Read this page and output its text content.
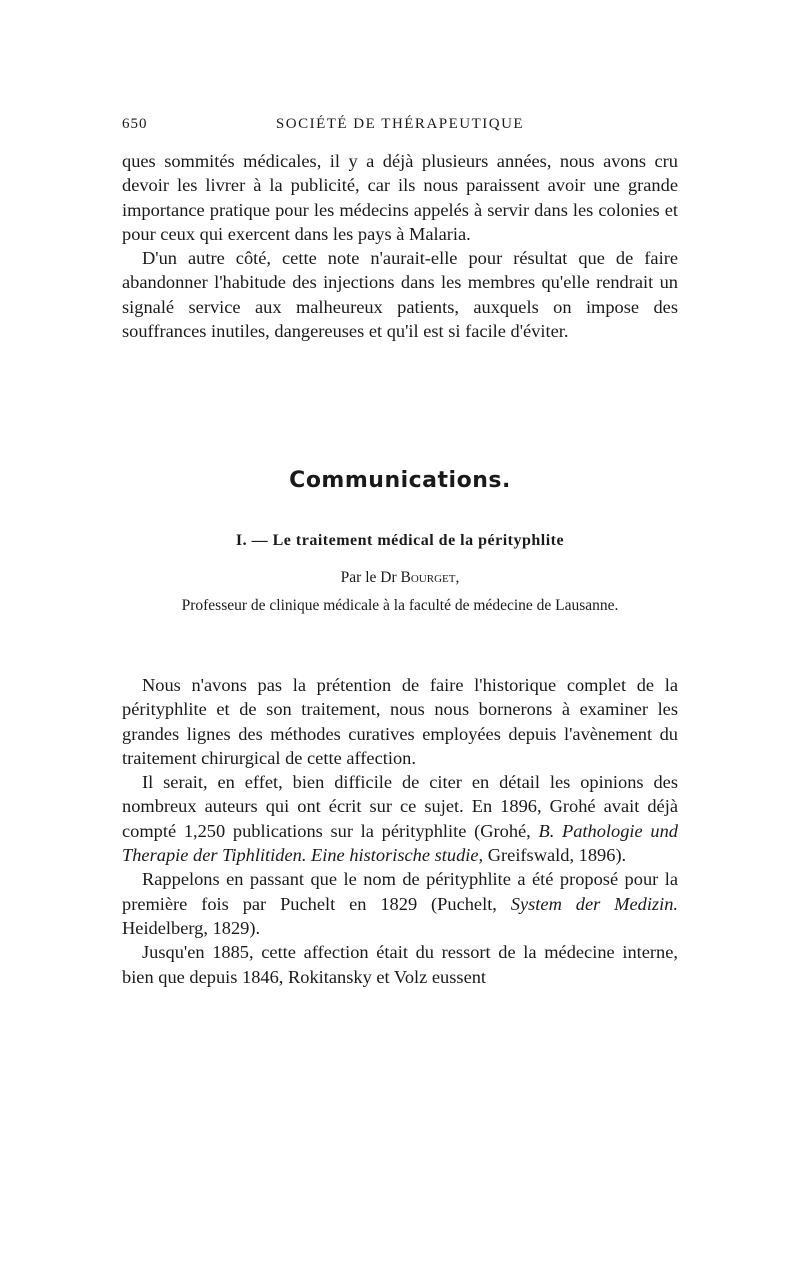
650	SOCIÉTÉ DE THÉRAPEUTIQUE

ques sommités médicales, il y a déjà plusieurs années, nous avons cru devoir les livrer à la publicité, car ils nous paraissent avoir une grande importance pratique pour les médecins appelés à servir dans les colonies et pour ceux qui exercent dans les pays à Malaria.

D'un autre côté, cette note n'aurait-elle pour résultat que de faire abandonner l'habitude des injections dans les membres qu'elle rendrait un signalé service aux malheureux patients, auxquels on impose des souffrances inutiles, dangereuses et qu'il est si facile d'éviter.

Communications.
I. — Le traitement médical de la pérityphlite
Par le Dr Bourget,
Professeur de clinique médicale à la faculté de médecine de Lausanne.

Nous n'avons pas la prétention de faire l'historique complet de la pérityphlite et de son traitement, nous nous bornerons à examiner les grandes lignes des méthodes curatives employées depuis l'avènement du traitement chirurgical de cette affection.

Il serait, en effet, bien difficile de citer en détail les opinions des nombreux auteurs qui ont écrit sur ce sujet. En 1896, Grohé avait déjà compté 1,250 publications sur la pérityphlite (Grohé, B. Pathologie und Therapie der Tiphlitiden. Eine historische studie, Greifswald, 1896).

Rappelons en passant que le nom de pérityphlite a été proposé pour la première fois par Puchelt en 1829 (Puchelt, System der Medizin. Heidelberg, 1829).

Jusqu'en 1885, cette affection était du ressort de la médecine interne, bien que depuis 1846, Rokitansky et Volz eussent
